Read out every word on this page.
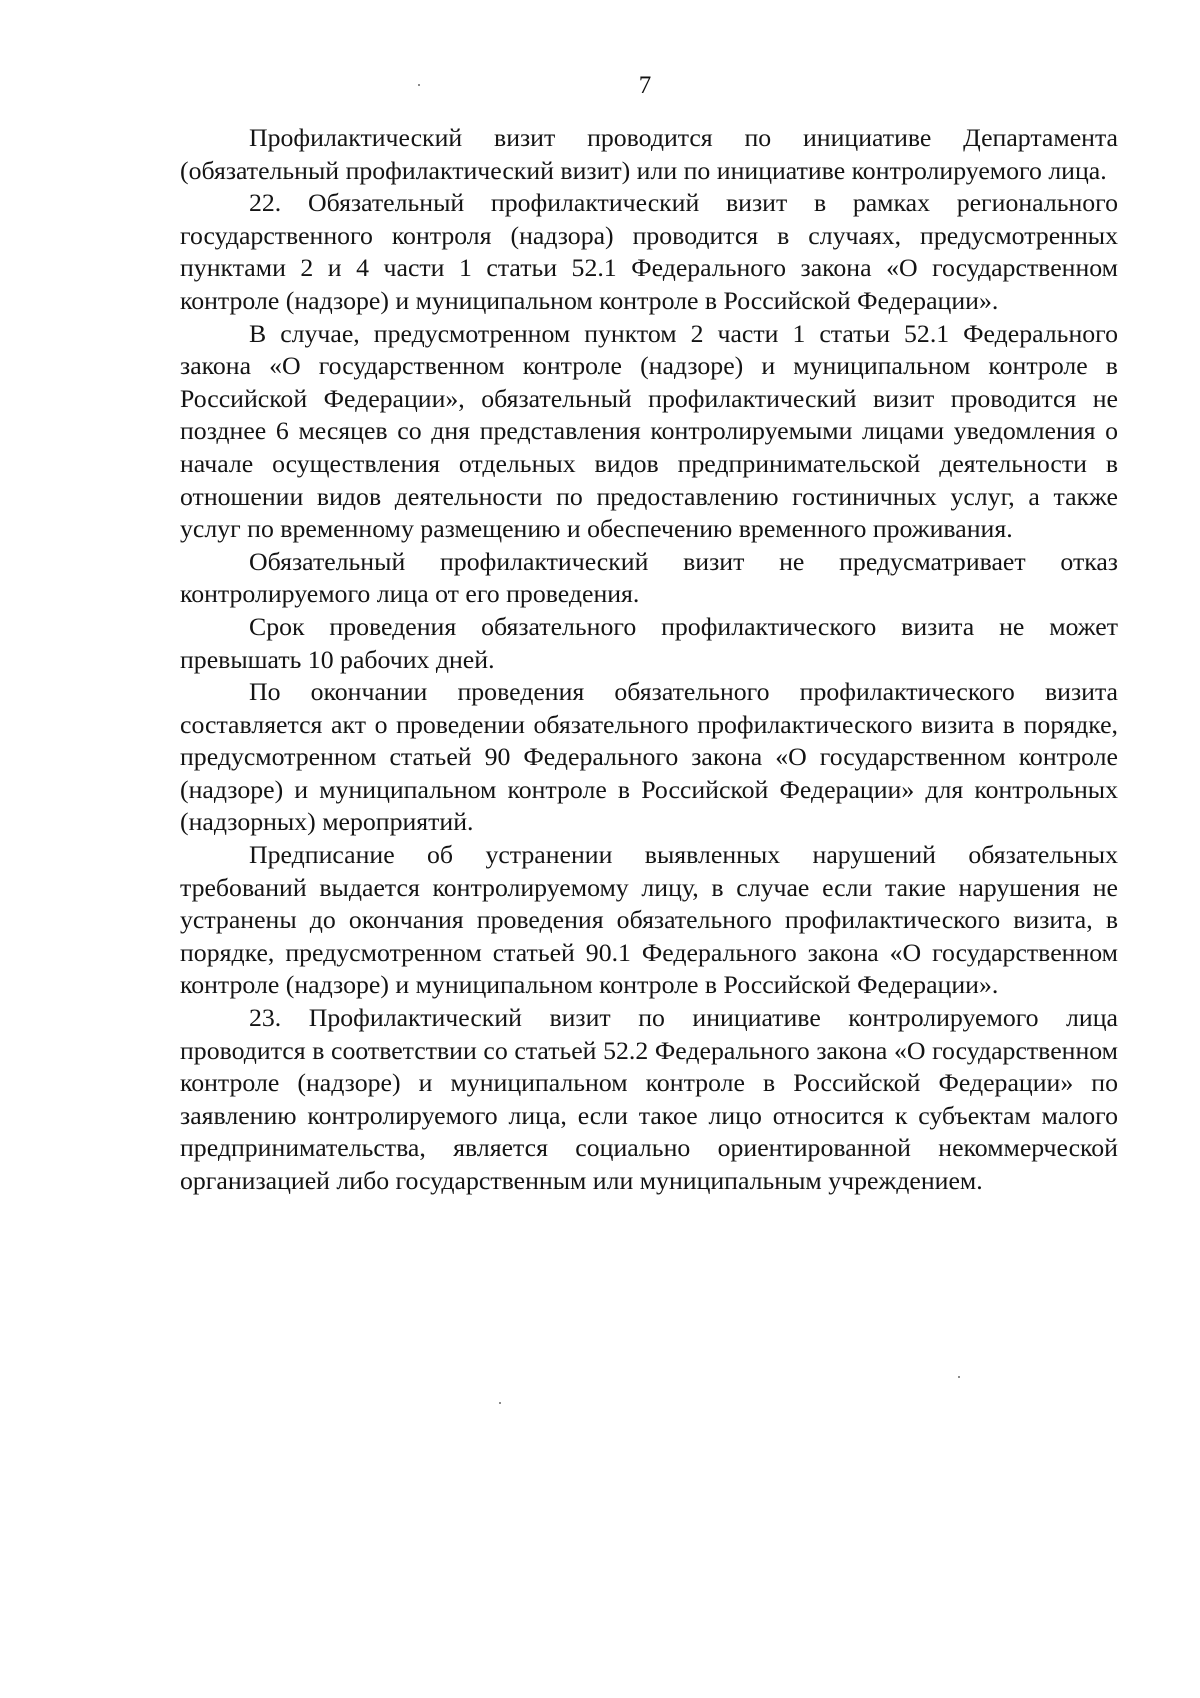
7

Профилактический визит проводится по инициативе Департамента (обязательный профилактический визит) или по инициативе контролируемого лица.

22. Обязательный профилактический визит в рамках регионального государственного контроля (надзора) проводится в случаях, предусмотренных пунктами 2 и 4 части 1 статьи 52.1 Федерального закона «О государственном контроле (надзоре) и муниципальном контроле в Российской Федерации».

В случае, предусмотренном пунктом 2 части 1 статьи 52.1 Федерального закона «О государственном контроле (надзоре) и муниципальном контроле в Российской Федерации», обязательный профилактический визит проводится не позднее 6 месяцев со дня представления контролируемыми лицами уведомления о начале осуществления отдельных видов предпринимательской деятельности в отношении видов деятельности по предоставлению гостиничных услуг, а также услуг по временному размещению и обеспечению временного проживания.

Обязательный профилактический визит не предусматривает отказ контролируемого лица от его проведения.

Срок проведения обязательного профилактического визита не может превышать 10 рабочих дней.

По окончании проведения обязательного профилактического визита составляется акт о проведении обязательного профилактического визита в порядке, предусмотренном статьей 90 Федерального закона «О государственном контроле (надзоре) и муниципальном контроле в Российской Федерации» для контрольных (надзорных) мероприятий.

Предписание об устранении выявленных нарушений обязательных требований выдается контролируемому лицу, в случае если такие нарушения не устранены до окончания проведения обязательного профилактического визита, в порядке, предусмотренном статьей 90.1 Федерального закона «О государственном контроле (надзоре) и муниципальном контроле в Российской Федерации».

23. Профилактический визит по инициативе контролируемого лица проводится в соответствии со статьей 52.2 Федерального закона «О государственном контроле (надзоре) и муниципальном контроле в Российской Федерации» по заявлению контролируемого лица, если такое лицо относится к субъектам малого предпринимательства, является социально ориентированной некоммерческой организацией либо государственным или муниципальным учреждением.
